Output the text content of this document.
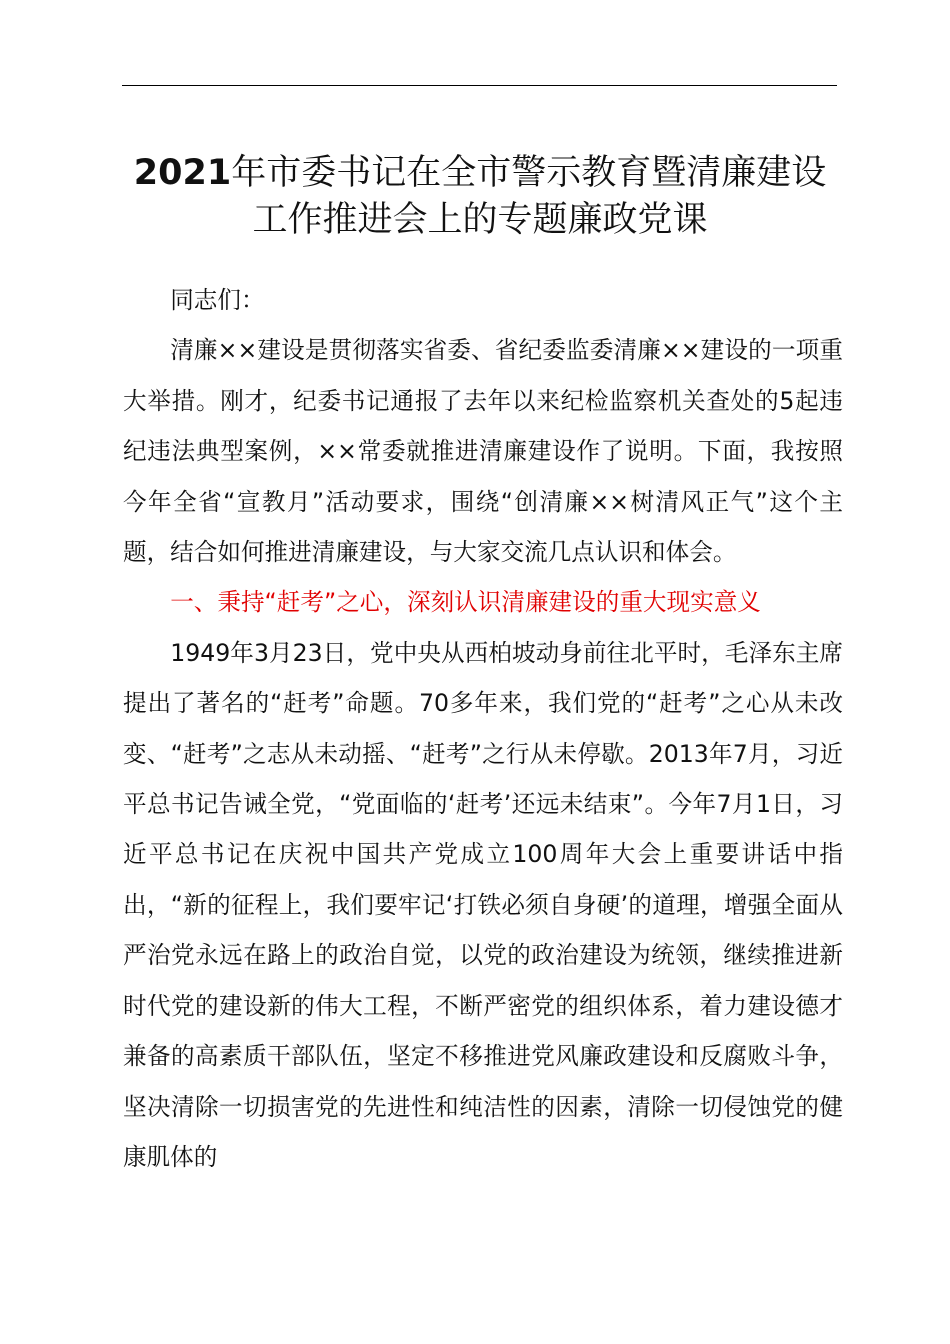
2021年市委书记在全市警示教育暨清廉建设
工作推进会上的专题廉政党课

同志们：

清廉××建设是贯彻落实省委、省纪委监委清廉××建设的一项重大举措。刚才，纪委书记通报了去年以来纪检监察机关查处的5起违纪违法典型案例，××常委就推进清廉建设作了说明。下面，我按照今年全省“宣教月”活动要求，围绕“创清廉××树清风正气”这个主题，结合如何推进清廉建设，与大家交流几点认识和体会。

一、秉持“赶考”之心，深刻认识清廉建设的重大现实意义

1949年3月23日，党中央从西柏坡动身前往北平时，毛泽东主席提出了著名的“赶考”命题。70多年来，我们党的“赶考”之心从未改变、“赶考”之志从未动摇、“赶考”之行从未停歇。2013年7月，习近平总书记告诫全党，“党面临的‘赶考’还远未结束”。今年7月1日，习近平总书记在庆祝中国共产党成立100周年大会上重要讲话中指出，“新的征程上，我们要牢记‘打铁必须自身硬’的道理，增强全面从严治党永远在路上的政治自觉，以党的政治建设为统领，继续推进新时代党的建设新的伟大工程，不断严密党的组织体系，着力建设德才兼备的高素质干部队伍，坚定不移推进党风廉政建设和反腐败斗争，坚决清除一切损害党的先进性和纯洁性的因素，清除一切侵蚀党的健康肌体的
